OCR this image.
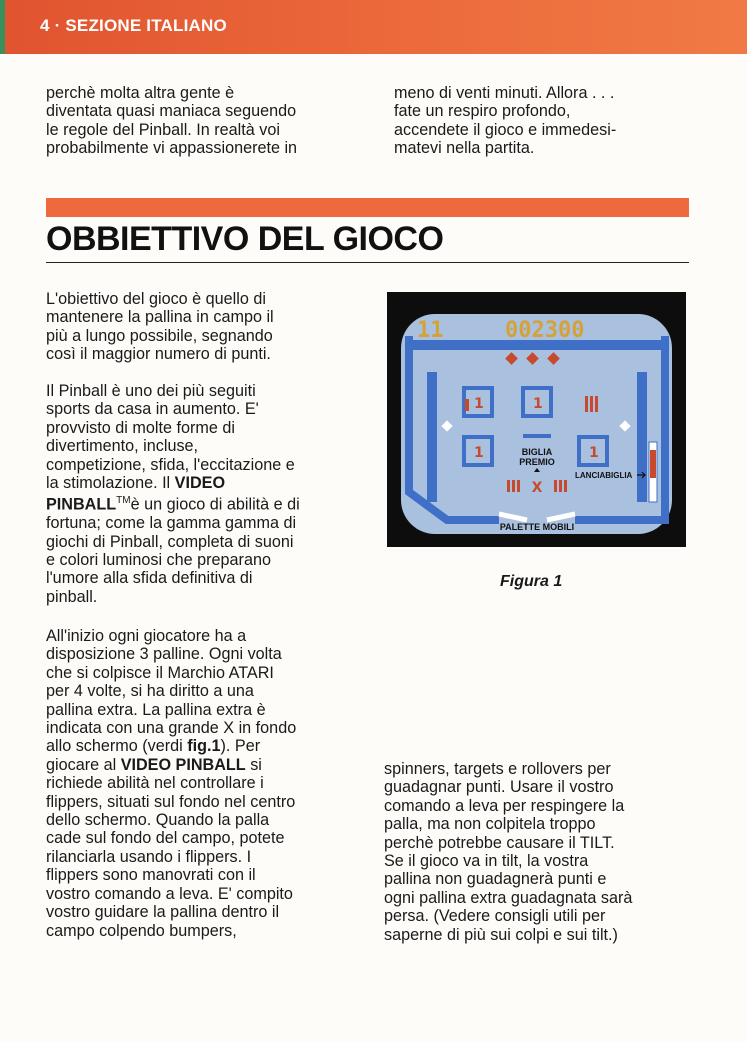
4 · SEZIONE ITALIANO
perchè molta altra gente è
diventata quasi maniaca seguendo
le regole del Pinball. In realtà voi
probabilmente vi appassionerete in
meno di venti minuti. Allora . . .
fate un respiro profondo,
accendete il gioco e immedesi-
matevi nella partita.
OBBIETTIVO DEL GIOCO
L'obiettivo del gioco è quello di
mantenere la pallina in campo il
più a lungo possibile, segnando
così il maggior numero di punti.
Il Pinball è uno dei più seguiti
sports da casa in aumento. E'
provvisto di molte forme di
divertimento, incluse,
competizione, sfida, l'eccitazione e
la stimolazione. Il VIDEO
PINBALL™è un gioco di abilità e di
fortuna; come la gamma gamma di
giochi di Pinball, completa di suoni
e colori luminosi che preparano
l'umore alla sfida definitiva di
pinball.
All'inizio ogni giocatore ha a
disposizione 3 palline. Ogni volta
che si colpisce il Marchio ATARI
per 4 volte, si ha diritto a una
pallina extra. La pallina extra è
indicata con una grande X in fondo
allo schermo (verdi fig.1). Per
giocare al VIDEO PINBALL si
richiede abilità nel controllare i
flippers, situati sul fondo nel centro
dello schermo. Quando la palla
cade sul fondo del campo, potete
rilanciarla usando i flippers. I
flippers sono manovrati con il
vostro comando a leva. E' compito
vostro guidare la pallina dentro il
campo colpendo bumpers,
spinners, targets e rollovers per
guadagnar punti. Usare il vostro
comando a leva per respingere la
palla, ma non colpitela troppo
perchè potrebbe causare il TILT.
Se il gioco va in tilt, la vostra
pallina non guadagnerà punti e
ogni pallina extra guadagnata sarà
persa. (Vedere consigli utili per
saperne di più sui colpi e sui tilt.)
11	002300
1	1
1	1
BIGLIA
PREMIO
X
LANCIABIGLIA
PALETTE MOBILI
Figura 1
